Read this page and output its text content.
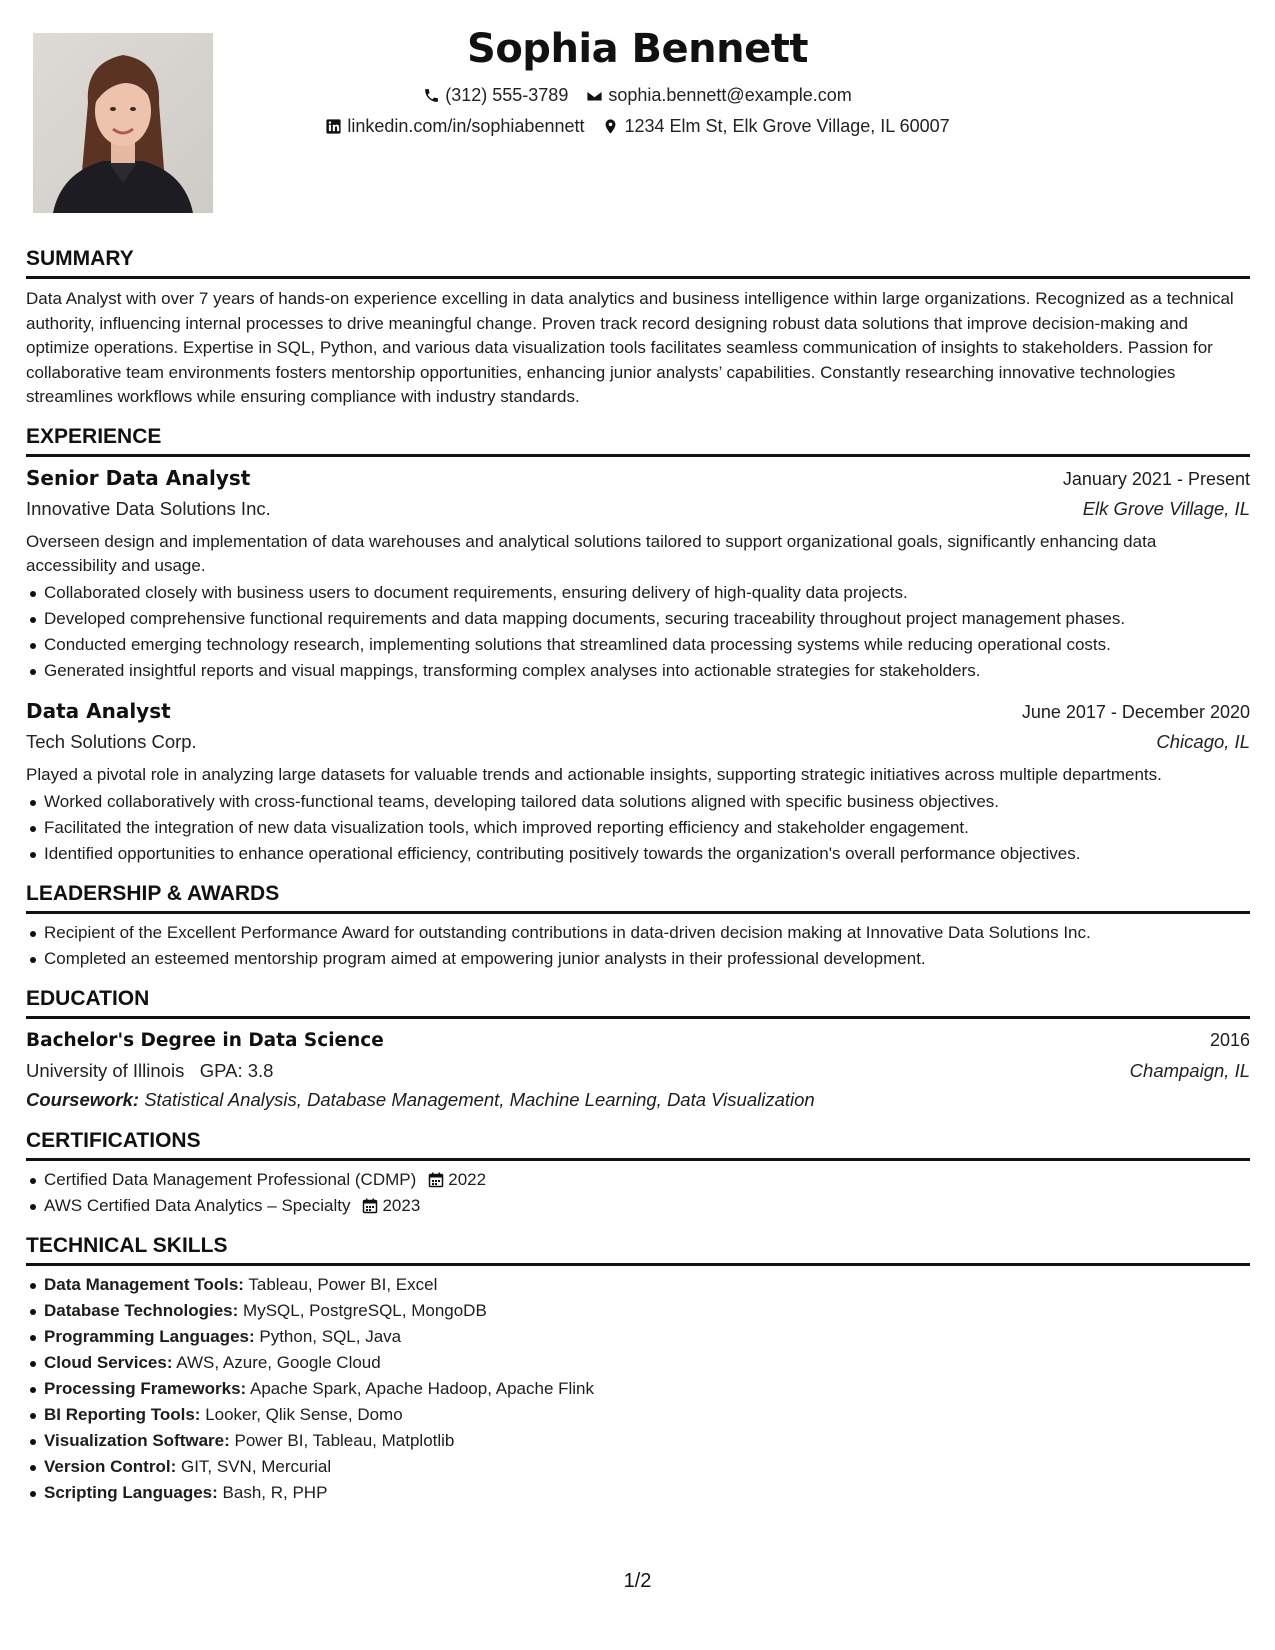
Sophia Bennett
(312) 555-3789 sophia.bennett@example.com
linkedin.com/in/sophiabennett 1234 Elm St, Elk Grove Village, IL 60007
SUMMARY

Data Analyst with over 7 years of hands-on experience excelling in data analytics and business intelligence within large organizations. Recognized as a technical authority, influencing internal processes to drive meaningful change. Proven track record designing robust data solutions that improve decision-making and optimize operations. Expertise in SQL, Python, and various data visualization tools facilitates seamless communication of insights to stakeholders. Passion for collaborative team environments fosters mentorship opportunities, enhancing junior analysts’ capabilities. Constantly researching innovative technologies streamlines workflows while ensuring compliance with industry standards.

EXPERIENCE
Senior Data Analyst	January 2021 - Present
Innovative Data Solutions Inc.	Elk Grove Village, IL
Overseen design and implementation of data warehouses and analytical solutions tailored to support organizational goals, significantly enhancing data accessibility and usage.
Collaborated closely with business users to document requirements, ensuring delivery of high-quality data projects.
Developed comprehensive functional requirements and data mapping documents, securing traceability throughout project management phases.
Conducted emerging technology research, implementing solutions that streamlined data processing systems while reducing operational costs.
Generated insightful reports and visual mappings, transforming complex analyses into actionable strategies for stakeholders.
Data Analyst	June 2017 - December 2020
Tech Solutions Corp.	Chicago, IL
Played a pivotal role in analyzing large datasets for valuable trends and actionable insights, supporting strategic initiatives across multiple departments.
Worked collaboratively with cross-functional teams, developing tailored data solutions aligned with specific business objectives.
Facilitated the integration of new data visualization tools, which improved reporting efficiency and stakeholder engagement.
Identified opportunities to enhance operational efficiency, contributing positively towards the organization's overall performance objectives.
LEADERSHIP & AWARDS
Recipient of the Excellent Performance Award for outstanding contributions in data-driven decision making at Innovative Data Solutions Inc.
Completed an esteemed mentorship program aimed at empowering junior analysts in their professional development.
EDUCATION
Bachelor's Degree in Data Science	2016
University of Illinois GPA: 3.8	Champaign, IL
Coursework: Statistical Analysis, Database Management, Machine Learning, Data Visualization
CERTIFICATIONS
Certified Data Management Professional (CDMP) 2022
AWS Certified Data Analytics – Specialty 2023
TECHNICAL SKILLS
Data Management Tools: Tableau, Power BI, Excel
Database Technologies: MySQL, PostgreSQL, MongoDB
Programming Languages: Python, SQL, Java
Cloud Services: AWS, Azure, Google Cloud
Processing Frameworks: Apache Spark, Apache Hadoop, Apache Flink
BI Reporting Tools: Looker, Qlik Sense, Domo
Visualization Software: Power BI, Tableau, Matplotlib
Version Control: GIT, SVN, Mercurial
Scripting Languages: Bash, R, PHP
1/2
